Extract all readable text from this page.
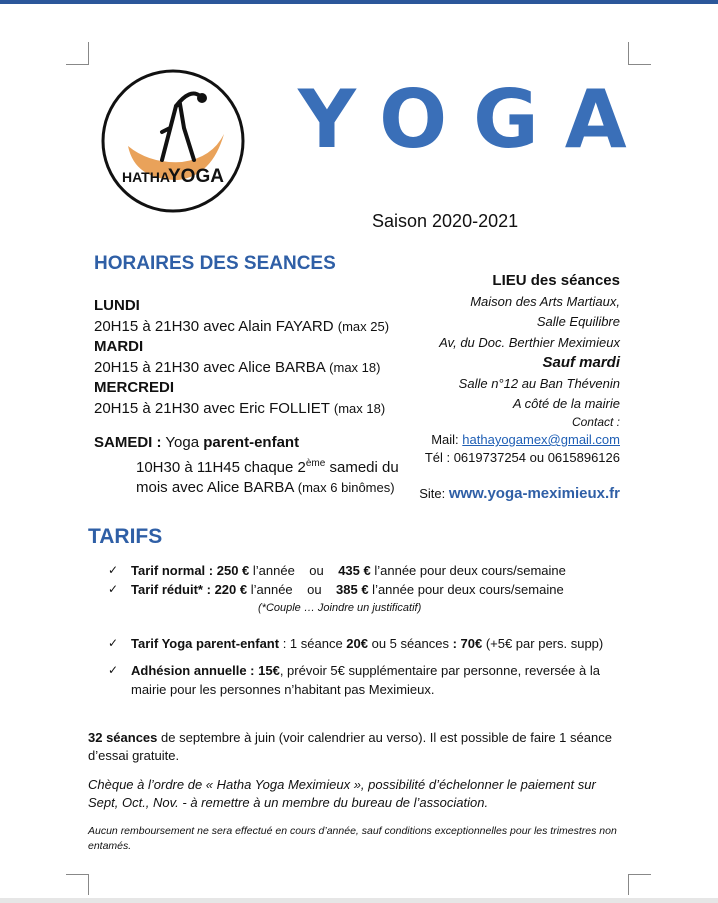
HATHA
YOGA
YOGA
Saison 2020-2021
HORAIRES DES SEANCES
LUNDI
20H15 à 21H30 avec Alain FAYARD (max 25)
MARDI
20H15 à 21H30 avec Alice BARBA (max 18)
MERCREDI
20H15 à 21H30 avec Eric FOLLIET (max 18)
SAMEDI : Yoga parent-enfant
10H30 à 11H45 chaque 2ème samedi du
mois avec Alice BARBA (max 6 binômes)
LIEU des séances
Maison des Arts Martiaux,
Salle Equilibre
Av, du Doc. Berthier Meximieux
Sauf mardi
Salle n°12 au Ban Thévenin
A côté de la mairie
Contact :
Mail: hathayogamex@gmail.com
Tél : 0619737254 ou 0615896126
Site: www.yoga-meximieux.fr
TARIFS
✓ Tarif normal : 250 € l’année    ou    435 € l’année pour deux cours/semaine
✓ Tarif réduit* : 220 € l’année    ou    385 € l’année pour deux cours/semaine
(*Couple … Joindre un justificatif)
✓ Tarif Yoga parent-enfant : 1 séance 20€ ou 5 séances : 70€ (+5€ par pers. supp)
✓ Adhésion annuelle : 15€, prévoir 5€ supplémentaire par personne, reversée à la mairie pour les personnes n’habitant pas Meximieux.
32 séances de septembre à juin (voir calendrier au verso). Il est possible de faire 1 séance d’essai gratuite.
Chèque à l’ordre de « Hatha Yoga Meximieux », possibilité d’échelonner le paiement sur Sept, Oct., Nov. - à remettre à un membre du bureau de l’association.
Aucun remboursement ne sera effectué en cours d’année, sauf conditions exceptionnelles pour les trimestres non entamés.
